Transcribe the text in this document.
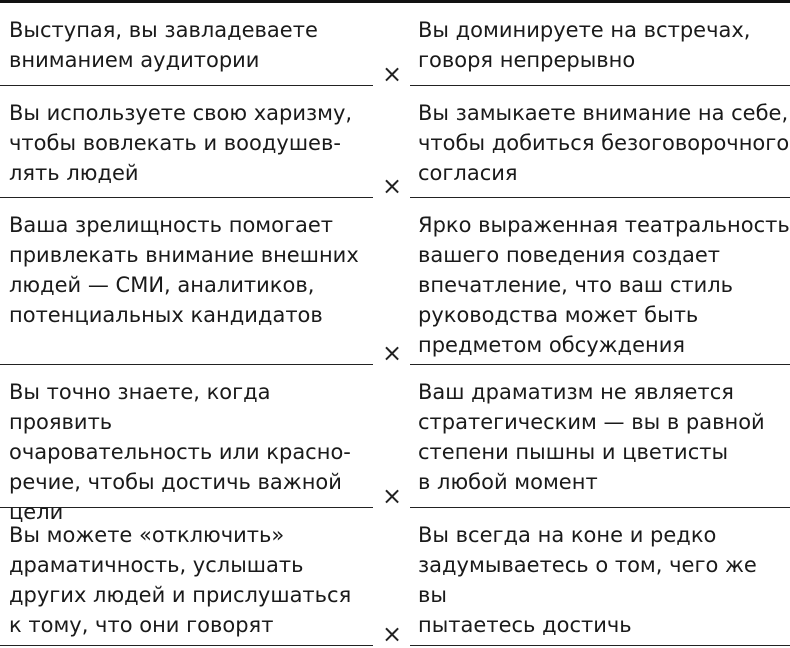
Выступая, вы завладеваете
вниманием аудитории	×
Вы доминируете на встречах,
говоря непрерывно
Вы используете свою харизму,
чтобы вовлекать и воодушев-
лять людей	×
Вы замыкаете внимание на себе,
чтобы добиться безоговорочного
согласия
Ваша зрелищность помогает
привлекать внимание внешних
людей — СМИ, аналитиков,
потенциальных кандидатов
×
Ярко выраженная театральность
вашего поведения создает
впечатление, что ваш стиль
руководства может быть
предметом обсуждения
Вы точно знаете, когда проявить
очаровательность или красно-
речие, чтобы достичь важной
цели
×
Ваш драматизм не является
стратегическим — вы в равной
степени пышны и цветисты
в любой момент
Вы можете «отключить»
драматичность, услышать
других людей и прислушаться
к тому, что они говорят	×
Вы всегда на коне и редко
задумываетесь о том, чего же вы
пытаетесь достичь
